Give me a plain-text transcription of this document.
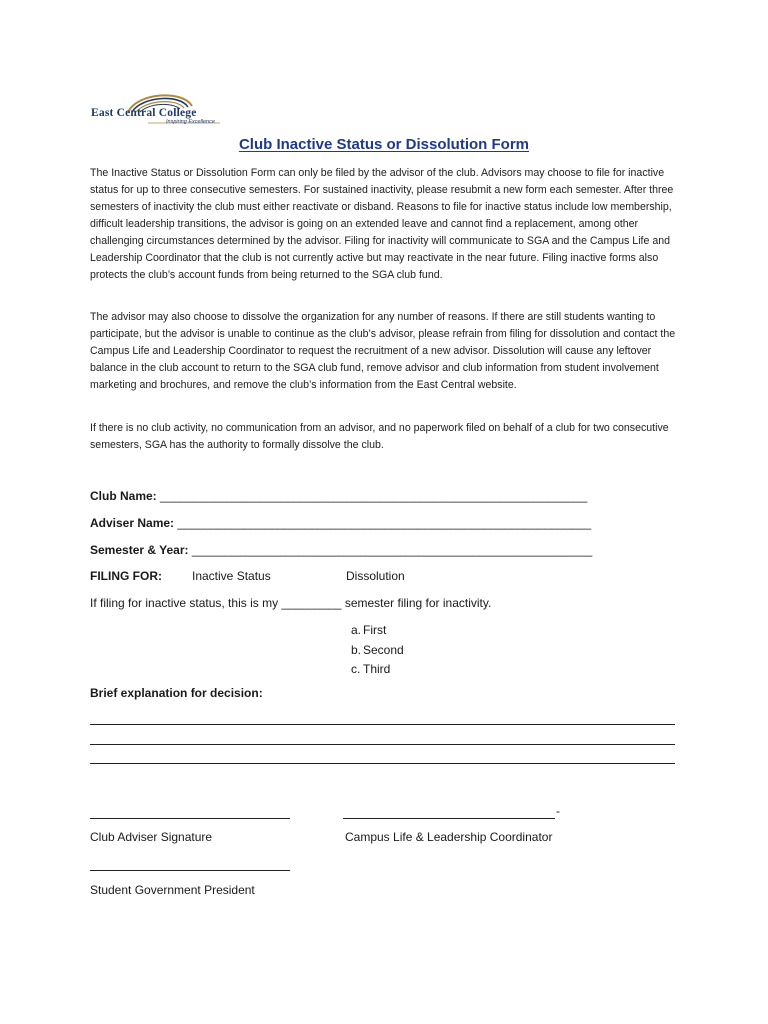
East Central College
Inspiring Excellence
Club Inactive Status or Dissolution Form
The Inactive Status or Dissolution Form can only be filed by the advisor of the club. Advisors may choose to file for inactive status for up to three consecutive semesters. For sustained inactivity, please resubmit a new form each semester. After three semesters of inactivity the club must either reactivate or disband. Reasons to file for inactive status include low membership, difficult leadership transitions, the advisor is going on an extended leave and cannot find a replacement, among other challenging circumstances determined by the advisor. Filing for inactivity will communicate to SGA and the Campus Life and Leadership Coordinator that the club is not currently active but may reactivate in the near future. Filing inactive forms also protects the club’s account funds from being returned to the SGA club fund.
The advisor may also choose to dissolve the organization for any number of reasons. If there are still students wanting to participate, but the advisor is unable to continue as the club’s advisor, please refrain from filing for dissolution and contact the Campus Life and Leadership Coordinator to request the recruitment of a new advisor. Dissolution will cause any leftover balance in the club account to return to the SGA club fund, remove advisor and club information from student involvement marketing and brochures, and remove the club’s information from the East Central website.
If there is no club activity, no communication from an advisor, and no paperwork filed on behalf of a club for two consecutive semesters, SGA has the authority to formally dissolve the club.
Club Name: ________________________________________________________________
Adviser Name: ______________________________________________________________
Semester & Year: ____________________________________________________________
FILING FOR:	Inactive Status	Dissolution
If filing for inactive status, this is my _________ semester filing for inactivity.
a. First
b. Second
c. Third
Brief explanation for decision:
-
Club Adviser Signature	Campus Life & Leadership Coordinator
Student Government President
